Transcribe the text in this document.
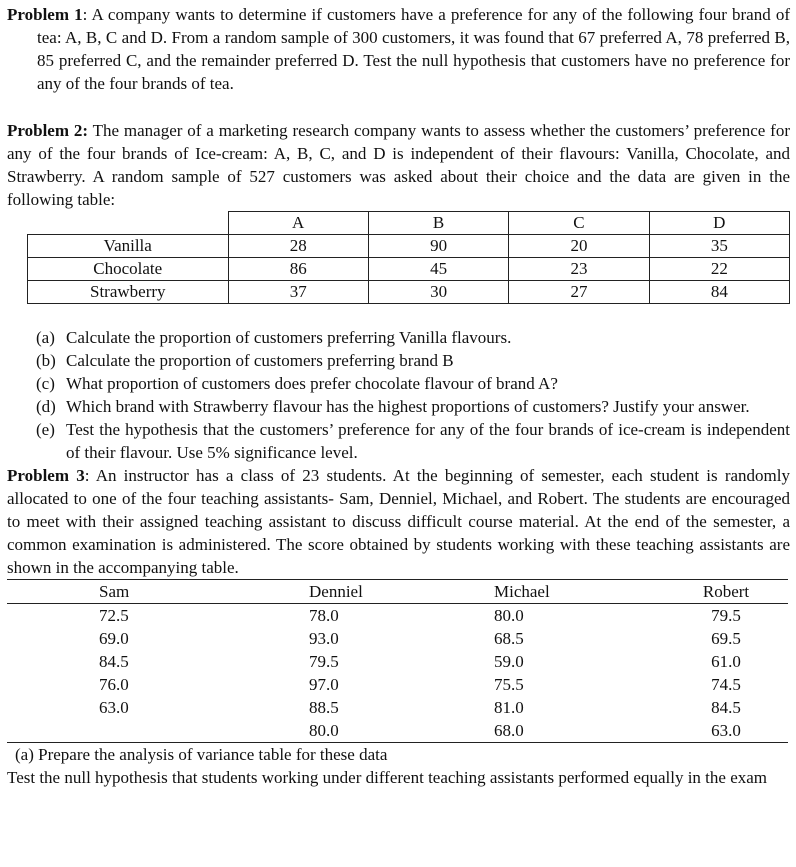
Problem 1: A company wants to determine if customers have a preference for any of the following four brand of tea: A, B, C and D. From a random sample of 300 customers, it was found that 67 preferred A, 78 preferred B, 85 preferred C, and the remainder preferred D. Test the null hypothesis that customers have no preference for any of the four brands of tea.

Problem 2: The manager of a marketing research company wants to assess whether the customers’ preference for any of the four brands of Ice-cream: A, B, C, and D is independent of their flavours: Vanilla, Chocolate, and Strawberry. A random sample of 527 customers was asked about their choice and the data are given in the following table:

	A	B	C	D
Vanilla	28	90	20	35
Chocolate	86	45	23	22
Strawberry	37	30	27	84
(a) Calculate the proportion of customers preferring Vanilla flavours.
(b) Calculate the proportion of customers preferring brand B
(c) What proportion of customers does prefer chocolate flavour of brand A?
(d) Which brand with Strawberry flavour has the highest proportions of customers? Justify your answer.
(e) Test the hypothesis that the customers’ preference for any of the four brands of ice-cream is independent of their flavour. Use 5% significance level.

Problem 3: An instructor has a class of 23 students. At the beginning of semester, each student is randomly allocated to one of the four teaching assistants- Sam, Denniel, Michael, and Robert. The students are encouraged to meet with their assigned teaching assistant to discuss difficult course material. At the end of the semester, a common examination is administered. The score obtained by students working with these teaching assistants are shown in the accompanying table.

Sam	Denniel	Michael	Robert
72.5	78.0	80.0	79.5
69.0	93.0	68.5	69.5
84.5	79.5	59.0	61.0
76.0	97.0	75.5	74.5
63.0	88.5	81.0	84.5
	80.0	68.0	63.0

(a) Prepare the analysis of variance table for these data

Test the null hypothesis that students working under different teaching assistants performed equally in the exam
